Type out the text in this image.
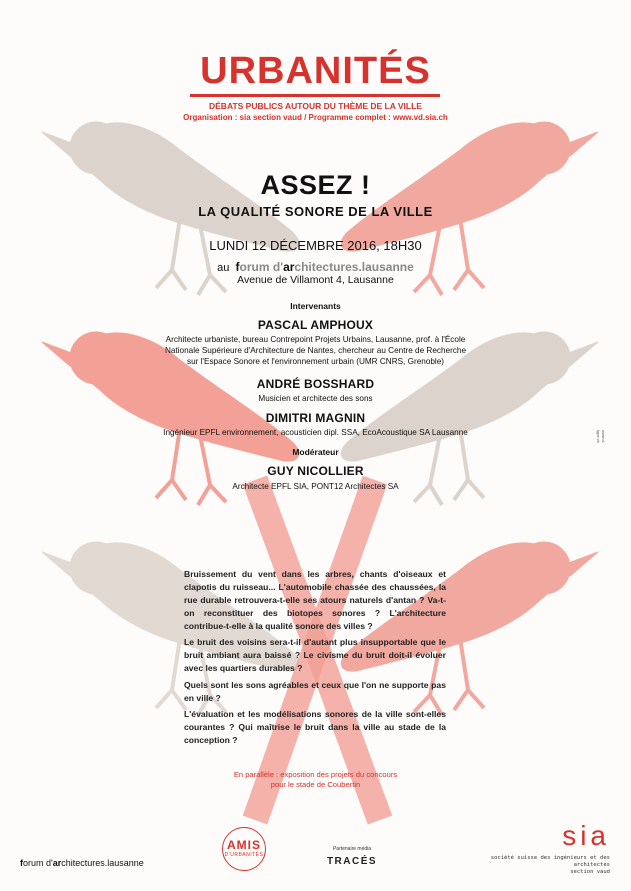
URBANITÉS
DÉBATS PUBLICS AUTOUR DU THÈME DE LA VILLE
Organisation : sia section vaud / Programme complet : www.vd.sia.ch
ASSEZ !
LA QUALITÉ SONORE DE LA VILLE
LUNDI 12 DÉCEMBRE 2016, 18H30
au forum d'architectures.lausanne
Avenue de Villamont 4, Lausanne
Intervenants
PASCAL AMPHOUX
Architecte urbaniste, bureau Contrepoint Projets Urbains, Lausanne, prof. à l'École
Nationale Supérieure d'Architecture de Nantes, chercheur au Centre de Recherche
sur l'Espace Sonore et l'environnement urbain (UMR CNRS, Grenoble)
ANDRÉ BOSSHARD
Musicien et architecte des sons
DIMITRI MAGNIN
Ingénieur EPFL environnement, acousticien dipl. SSA, EcoAcoustique SA Lausanne
Modérateur
GUY NICOLLIER
Architecte EPFL SIA, PONT12 Architectes SA
Bruissement du vent dans les arbres, chants d'oiseaux et clapotis du ruisseau... L'automobile chassée des chaussées, la rue durable retrouvera-t-elle ses atours naturels d'antan ? Va-t-on reconstituer des biotopes sonores ? L'architecture contribue-t-elle à la qualité sonore des villes ?
Le bruit des voisins sera-t-il d'autant plus insupportable que le bruit ambiant aura baissé ? Le civisme du bruit doit-il évoluer avec les quartiers durables ?
Quels sont les sons agréables et ceux que l'on ne supporte pas en ville ?
L'évaluation et les modélisations sonores de la ville sont-elles courantes ? Qui maîtrise le bruit dans la ville au stade de la conception ?
En parallèle : exposition des projets du concours
pour le stade de Coubertin
forum d'architectures.lausanne
AMIS
D'URBANITÉS
Partenaire média
TRACÉS
sia
société suisse des ingénieurs et des architectes
section vaud
www.d-type.ch
